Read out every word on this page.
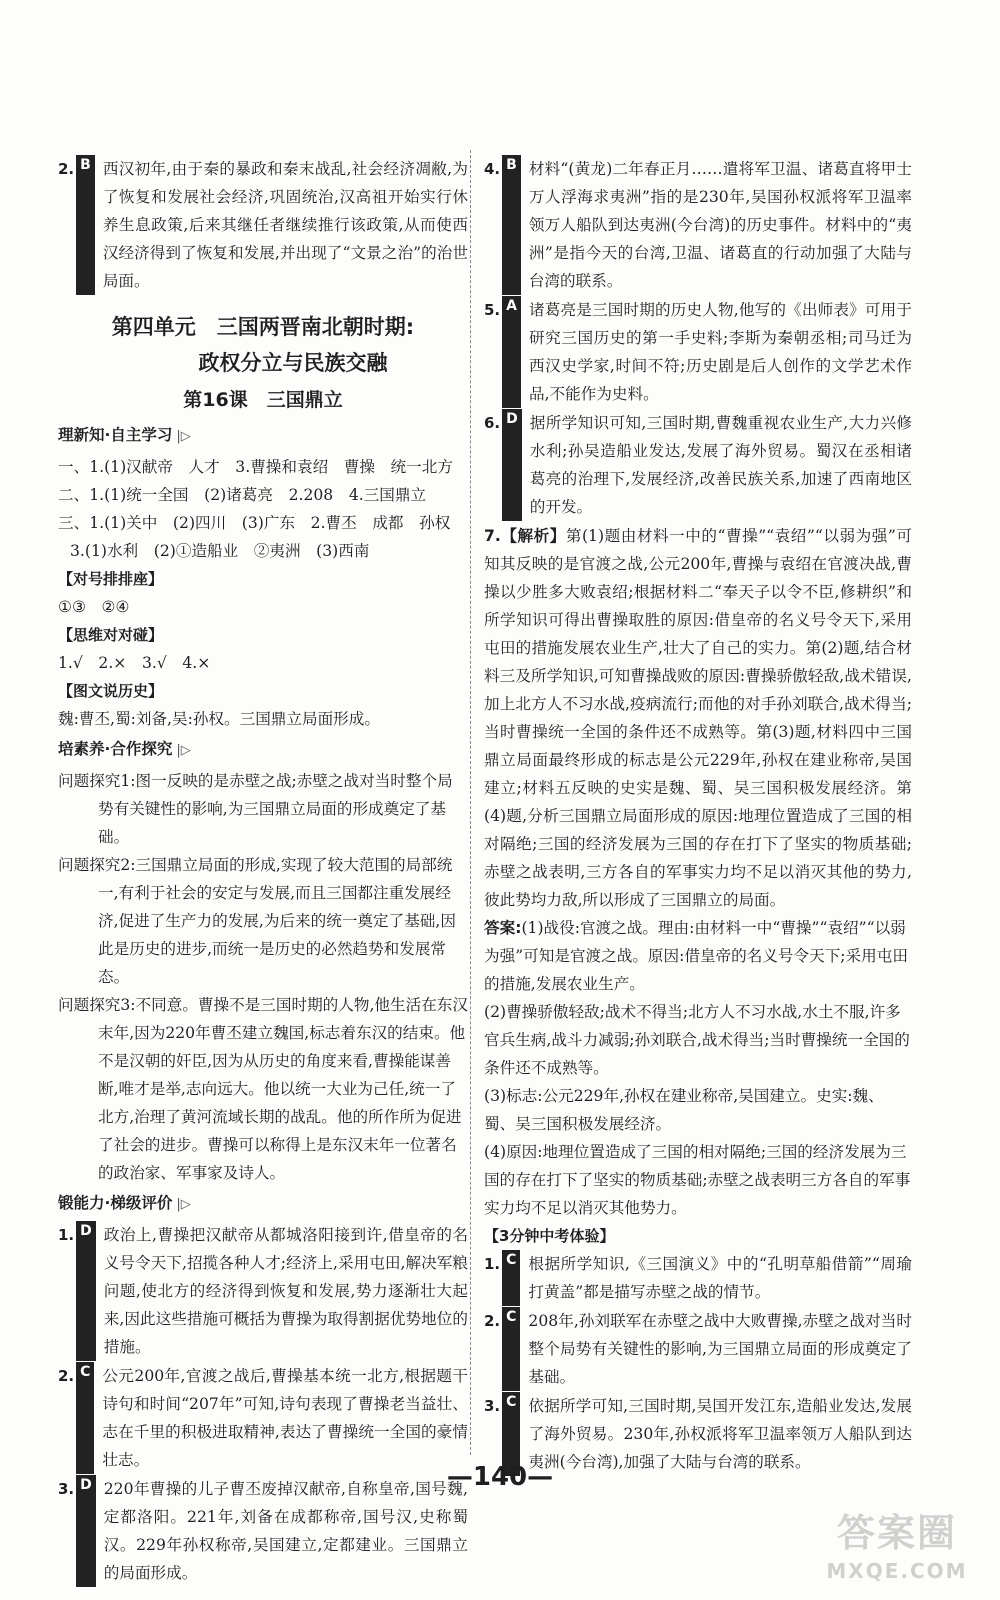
2. B 西汉初年,由于秦的暴政和秦末战乱,社会经济凋敝,为了恢复和发展社会经济,巩固统治,汉高祖开始实行休养生息政策,后来其继任者继续推行该政策,从而使西汉经济得到了恢复和发展,并出现了“文景之治”的治世局面。

第四单元　三国两晋南北朝时期:
政权分立与民族交融
第16课　三国鼎立
理新知·自主学习 |▷

一、1.(1)汉献帝　人才　3.曹操和袁绍　曹操　统一北方

二、1.(1)统一全国　(2)诸葛亮　2.208　4.三国鼎立

三、1.(1)关中　(2)四川　(3)广东　2.曹丕　成都　孙权

3.(1)水利　(2)①造船业　②夷洲　(3)西南

【对号排排座】

①③　②④

【思维对对碰】

1.√　2.×　3.√　4.×

【图文说历史】

魏:曹丕,蜀:刘备,吴:孙权。三国鼎立局面形成。

培素养·合作探究 |▷

问题探究1:图一反映的是赤壁之战;赤壁之战对当时整个局势有关键性的影响,为三国鼎立局面的形成奠定了基础。

问题探究2:三国鼎立局面的形成,实现了较大范围的局部统一,有利于社会的安定与发展,而且三国都注重发展经济,促进了生产力的发展,为后来的统一奠定了基础,因此是历史的进步,而统一是历史的必然趋势和发展常态。

问题探究3:不同意。曹操不是三国时期的人物,他生活在东汉末年,因为220年曹丕建立魏国,标志着东汉的结束。他不是汉朝的奸臣,因为从历史的角度来看,曹操能谋善断,唯才是举,志向远大。他以统一大业为己任,统一了北方,治理了黄河流域长期的战乱。他的所作所为促进了社会的进步。曹操可以称得上是东汉末年一位著名的政治家、军事家及诗人。

锻能力·梯级评价 |▷
1. D 政治上,曹操把汉献帝从都城洛阳接到许,借皇帝的名义号令天下,招揽各种人才;经济上,采用屯田,解决军粮问题,使北方的经济得到恢复和发展,势力逐渐壮大起来,因此这些措施可概括为曹操为取得割据优势地位的措施。

2. C 公元200年,官渡之战后,曹操基本统一北方,根据题干诗句和时间“207年”可知,诗句表现了曹操老当益壮、志在千里的积极进取精神,表达了曹操统一全国的豪情壮志。

3. D 220年曹操的儿子曹丕废掉汉献帝,自称皇帝,国号魏,定都洛阳。221年,刘备在成都称帝,国号汉,史称蜀汉。229年孙权称帝,吴国建立,定都建业。三国鼎立的局面形成。

4. B 材料“(黄龙)二年春正月……遣将军卫温、诸葛直将甲士万人浮海求夷洲”指的是230年,吴国孙权派将军卫温率领万人船队到达夷洲(今台湾)的历史事件。材料中的“夷洲”是指今天的台湾,卫温、诸葛直的行动加强了大陆与台湾的联系。

5. A 诸葛亮是三国时期的历史人物,他写的《出师表》可用于研究三国历史的第一手史料;李斯为秦朝丞相;司马迁为西汉史学家,时间不符;历史剧是后人创作的文学艺术作品,不能作为史料。

6. D 据所学知识可知,三国时期,曹魏重视农业生产,大力兴修水利;孙吴造船业发达,发展了海外贸易。蜀汉在丞相诸葛亮的治理下,发展经济,改善民族关系,加速了西南地区的开发。

7.【解析】第(1)题由材料一中的“曹操”“袁绍”“以弱为强”可知其反映的是官渡之战,公元200年,曹操与袁绍在官渡决战,曹操以少胜多大败袁绍;根据材料二“奉天子以令不臣,修耕织”和所学知识可得出曹操取胜的原因:借皇帝的名义号令天下,采用屯田的措施发展农业生产,壮大了自己的实力。第(2)题,结合材料三及所学知识,可知曹操战败的原因:曹操骄傲轻敌,战术错误,加上北方人不习水战,疫病流行;而他的对手孙刘联合,战术得当;当时曹操统一全国的条件还不成熟等。第(3)题,材料四中三国鼎立局面最终形成的标志是公元229年,孙权在建业称帝,吴国建立;材料五反映的史实是魏、蜀、吴三国积极发展经济。第(4)题,分析三国鼎立局面形成的原因:地理位置造成了三国的相对隔绝;三国的经济发展为三国的存在打下了坚实的物质基础;赤壁之战表明,三方各自的军事实力均不足以消灭其他的势力,彼此势均力敌,所以形成了三国鼎立的局面。

答案:(1)战役:官渡之战。理由:由材料一中“曹操”“袁绍”“以弱为强”可知是官渡之战。原因:借皇帝的名义号令天下;采用屯田的措施,发展农业生产。

(2)曹操骄傲轻敌;战术不得当;北方人不习水战,水土不服,许多官兵生病,战斗力减弱;孙刘联合,战术得当;当时曹操统一全国的条件还不成熟等。

(3)标志:公元229年,孙权在建业称帝,吴国建立。史实:魏、蜀、吴三国积极发展经济。

(4)原因:地理位置造成了三国的相对隔绝;三国的经济发展为三国的存在打下了坚实的物质基础;赤壁之战表明三方各自的军事实力均不足以消灭其他势力。

【3分钟中考体验】

1. C 根据所学知识,《三国演义》中的“孔明草船借箭”“周瑜打黄盖”都是描写赤壁之战的情节。

2. C 208年,孙刘联军在赤壁之战中大败曹操,赤壁之战对当时整个局势有关键性的影响,为三国鼎立局面的形成奠定了基础。

3. C 依据所学可知,三国时期,吴国开发江东,造船业发达,发展了海外贸易。230年,孙权派将军卫温率领万人船队到达夷洲(今台湾),加强了大陆与台湾的联系。

—140—
答案圈
MXQE.COM
